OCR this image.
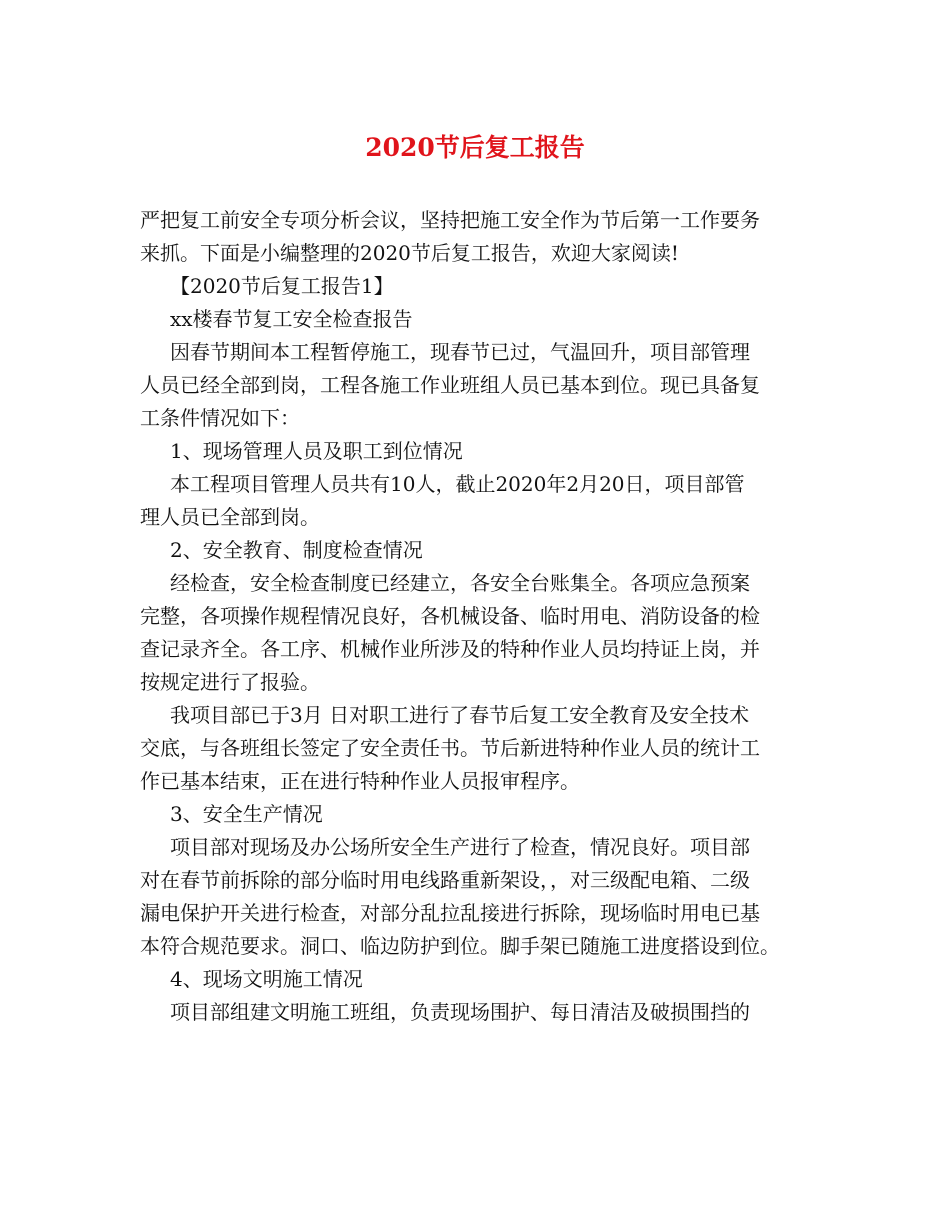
2020节后复工报告
严把复工前安全专项分析会议，坚持把施工安全作为节后第一工作要务
来抓。下面是小编整理的2020节后复工报告，欢迎大家阅读!
【2020节后复工报告1】
xx楼春节复工安全检查报告
因春节期间本工程暂停施工，现春节已过，气温回升，项目部管理
人员已经全部到岗，工程各施工作业班组人员已基本到位。现已具备复
工条件情况如下：
1、现场管理人员及职工到位情况
本工程项目管理人员共有10人，截止2020年2月20日，项目部管
理人员已全部到岗。
2、安全教育、制度检查情况
经检查，安全检查制度已经建立，各安全台账集全。各项应急预案
完整，各项操作规程情况良好，各机械设备、临时用电、消防设备的检
查记录齐全。各工序、机械作业所涉及的特种作业人员均持证上岗，并
按规定进行了报验。
我项目部已于3月 日对职工进行了春节后复工安全教育及安全技术
交底，与各班组长签定了安全责任书。节后新进特种作业人员的统计工
作已基本结束，正在进行特种作业人员报审程序。
3、安全生产情况
项目部对现场及办公场所安全生产进行了检查，情况良好。项目部
对在春节前拆除的部分临时用电线路重新架设，，对三级配电箱、二级
漏电保护开关进行检查，对部分乱拉乱接进行拆除，现场临时用电已基
本符合规范要求。洞口、临边防护到位。脚手架已随施工进度搭设到位。
4、现场文明施工情况
项目部组建文明施工班组，负责现场围护、每日清洁及破损围挡的
